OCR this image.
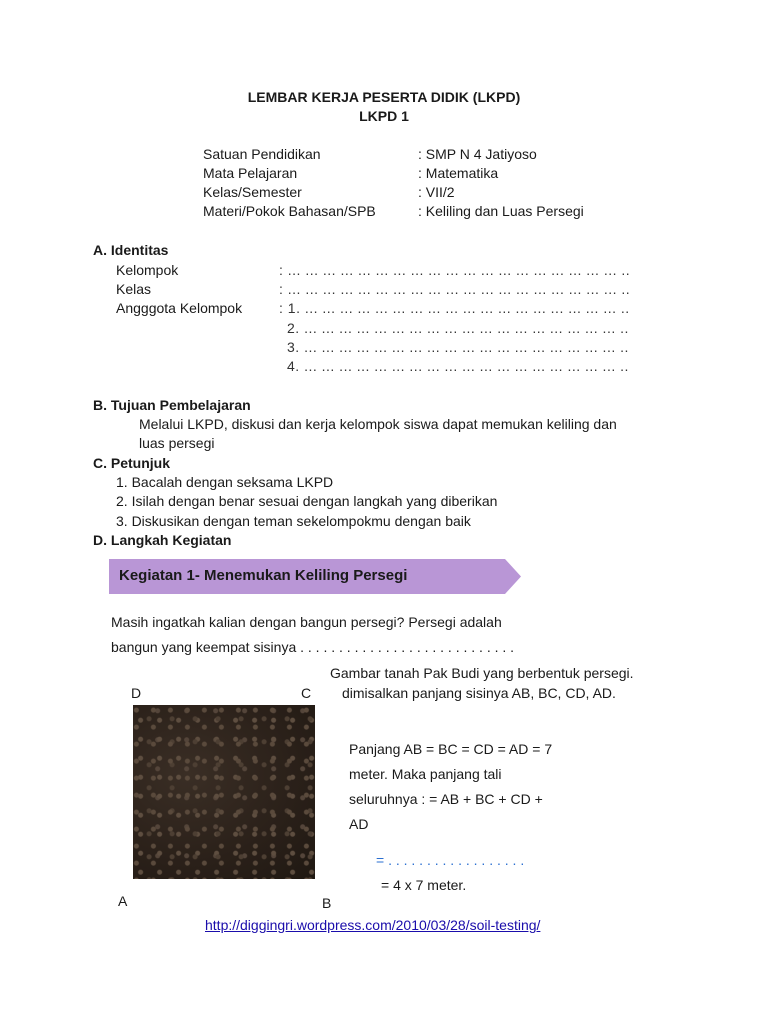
LEMBAR KERJA PESERTA DIDIK (LKPD)
LKPD 1
Satuan Pendidikan	: SMP N 4 Jatiyoso
Mata Pelajaran	: Matematika
Kelas/Semester	: VII/2
Materi/Pokok Bahasan/SPB	: Keliling dan Luas Persegi
A. Identitas
Kelompok	: ... ... ... ... ... ... ... ... ... ... ... ... ... ... ... ... ... ... ... ..
Kelas	: ... ... ... ... ... ... ... ... ... ... ... ... ... ... ... ... ... ... ... ..
Angggota Kelompok	: 1. ... ... ... ... ... ... ... ... ... ... ... ... ... ... ... ... ... ... ..
2. ... ... ... ... ... ... ... ... ... ... ... ... ... ... ... ... ... ... ..
3. ... ... ... ... ... ... ... ... ... ... ... ... ... ... ... ... ... ... ..
4. ... ... ... ... ... ... ... ... ... ... ... ... ... ... ... ... ... ... ..
B. Tujuan Pembelajaran
Melalui LKPD, diskusi dan kerja kelompok siswa dapat memukan keliling dan
luas persegi
C. Petunjuk
1. Bacalah dengan seksama LKPD
2. Isilah dengan benar sesuai dengan langkah yang diberikan
3. Diskusikan dengan teman sekelompokmu dengan baik
D. Langkah Kegiatan
Kegiatan 1- Menemukan Keliling Persegi
Masih ingatkah kalian dengan bangun persegi? Persegi adalah
bangun yang keempat sisinya . . . . . . . . . . . . . . . . . . . . . . . . . . . .
Gambar tanah Pak Budi yang berbentuk persegi.
dimisalkan panjang sisinya AB, BC, CD, AD.
D	C
A	B
Panjang AB = BC = CD = AD = 7
meter. Maka panjang tali
seluruhnya : = AB + BC + CD +
AD
= . . . . . . . . . . . . . . . . . .
= 4 x 7 meter.
http://diggingri.wordpress.com/2010/03/28/soil-testing/
